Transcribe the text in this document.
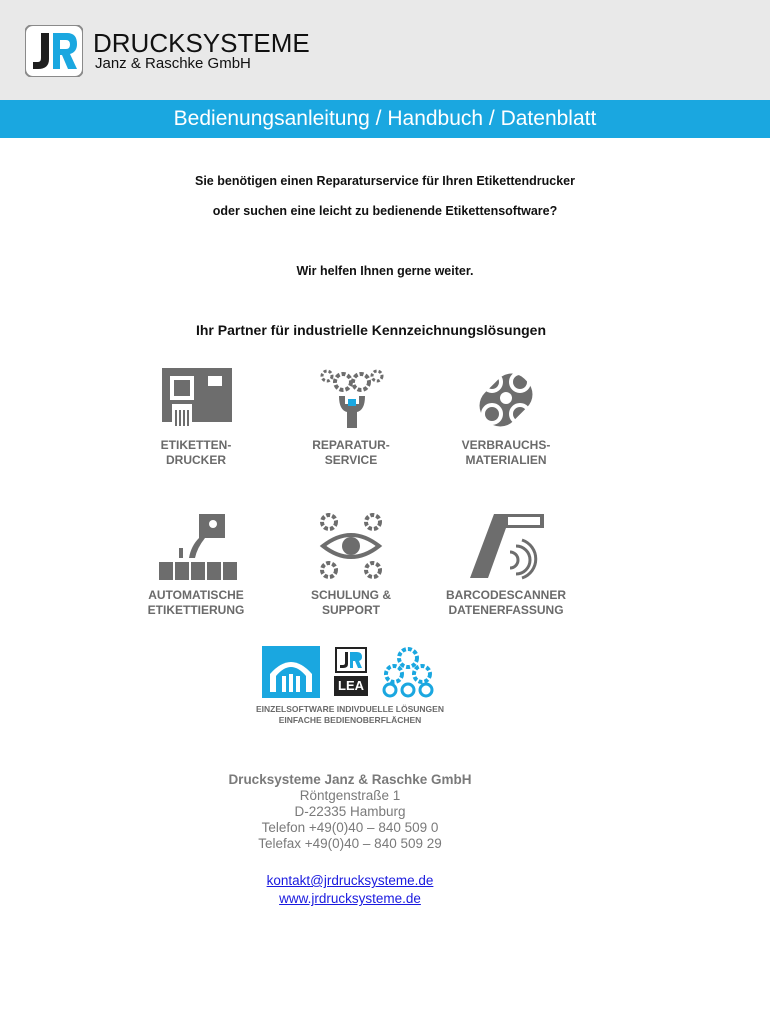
DRUCKSYSTEME
Janz & Raschke GmbH
Bedienungsanleitung / Handbuch / Datenblatt
Sie benötigen einen Reparaturservice für Ihren Etikettendrucker
oder suchen eine leicht zu bedienende Etikettensoftware?
Wir helfen Ihnen gerne weiter.
Ihr Partner für industrielle Kennzeichnungslösungen
ETIKETTEN-
DRUCKER
REPARATUR-
SERVICE
VERBRAUCHS-
MATERIALIEN
AUTOMATISCHE
ETIKETTIERUNG
SCHULUNG &
SUPPORT
BARCODESCANNER
DATENERFASSUNG
LEA
EINZELSOFTWARE INDIVDUELLE LÖSUNGEN
EINFACHE BEDIENOBERFLÄCHEN
Drucksysteme Janz & Raschke GmbH
Röntgenstraße 1
D-22335 Hamburg
Telefon +49(0)40 – 840 509 0
Telefax +49(0)40 – 840 509 29
kontakt@jrdrucksysteme.de
www.jrdrucksysteme.de
